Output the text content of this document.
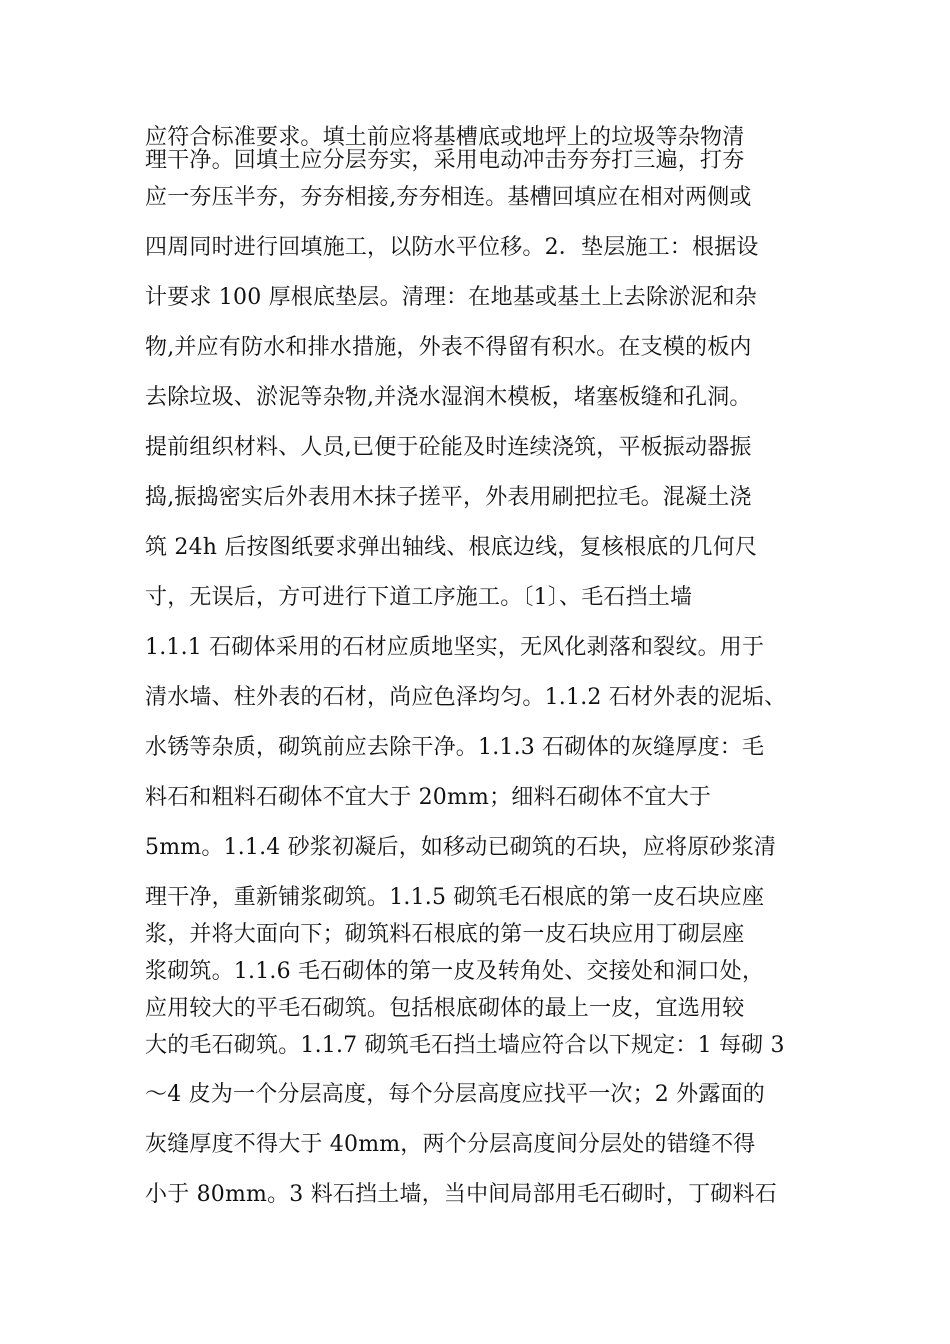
应符合标准要求。填土前应将基槽底或地坪上的垃圾等杂物清
理干净。回填土应分层夯实，采用电动冲击夯夯打三遍，打夯
应一夯压半夯，夯夯相接,夯夯相连。基槽回填应在相对两侧或
四周同时进行回填施工，以防水平位移。2．垫层施工：根据设
计要求 100 厚根底垫层。清理：在地基或基土上去除淤泥和杂
物,并应有防水和排水措施，外表不得留有积水。在支模的板内
去除垃圾、淤泥等杂物,并浇水湿润木模板，堵塞板缝和孔洞。
提前组织材料、人员,已便于砼能及时连续浇筑，平板振动器振
捣,振捣密实后外表用木抹子搓平，外表用刷把拉毛。混凝土浇
筑 24h 后按图纸要求弹出轴线、根底边线，复核根底的几何尺
寸，无误后，方可进行下道工序施工。〔1〕、毛石挡土墙
1.1.1 石砌体采用的石材应质地坚实，无风化剥落和裂纹。用于
清水墙、柱外表的石材，尚应色泽均匀。1.1.2 石材外表的泥垢、
水锈等杂质，砌筑前应去除干净。1.1.3 石砌体的灰缝厚度：毛
料石和粗料石砌体不宜大于 20mm；细料石砌体不宜大于
5mm。1.1.4 砂浆初凝后，如移动已砌筑的石块，应将原砂浆清
理干净，重新铺浆砌筑。1.1.5 砌筑毛石根底的第一皮石块应座
浆，并将大面向下；砌筑料石根底的第一皮石块应用丁砌层座
浆砌筑。1.1.6 毛石砌体的第一皮及转角处、交接处和洞口处，
应用较大的平毛石砌筑。包括根底砌体的最上一皮，宜选用较
大的毛石砌筑。1.1.7 砌筑毛石挡土墙应符合以下规定：1 每砌 3
～4 皮为一个分层高度，每个分层高度应找平一次；2 外露面的
灰缝厚度不得大于 40mm，两个分层高度间分层处的错缝不得
小于 80mm。3 料石挡土墙，当中间局部用毛石砌时，丁砌料石
